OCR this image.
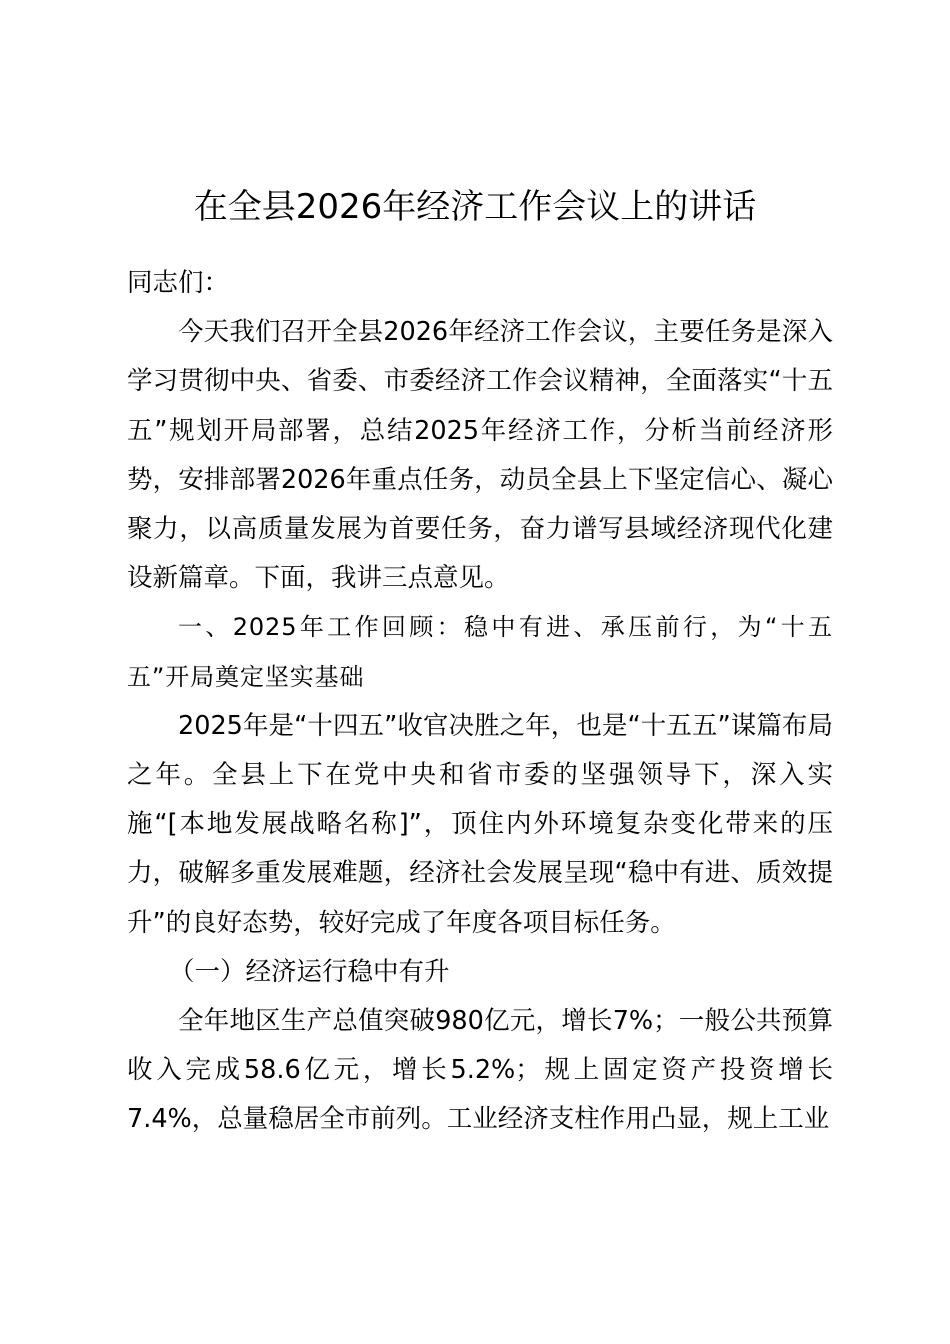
在全县2026年经济工作会议上的讲话

同志们：

今天我们召开全县2026年经济工作会议，主要任务是深入学习贯彻中央、省委、市委经济工作会议精神，全面落实“十五五”规划开局部署，总结2025年经济工作，分析当前经济形势，安排部署2026年重点任务，动员全县上下坚定信心、凝心聚力，以高质量发展为首要任务，奋力谱写县域经济现代化建设新篇章。下面，我讲三点意见。

一、2025年工作回顾：稳中有进、承压前行，为“十五五”开局奠定坚实基础

2025年是“十四五”收官决胜之年，也是“十五五”谋篇布局之年。全县上下在党中央和省市委的坚强领导下，深入实施“[本地发展战略名称]”，顶住内外环境复杂变化带来的压力，破解多重发展难题，经济社会发展呈现“稳中有进、质效提升”的良好态势，较好完成了年度各项目标任务。

（一）经济运行稳中有升

全年地区生产总值突破980亿元，增长7%；一般公共预算收入完成58.6亿元，增长5.2%；规上固定资产投资增长7.4%，总量稳居全市前列。工业经济支柱作用凸显，规上工业
